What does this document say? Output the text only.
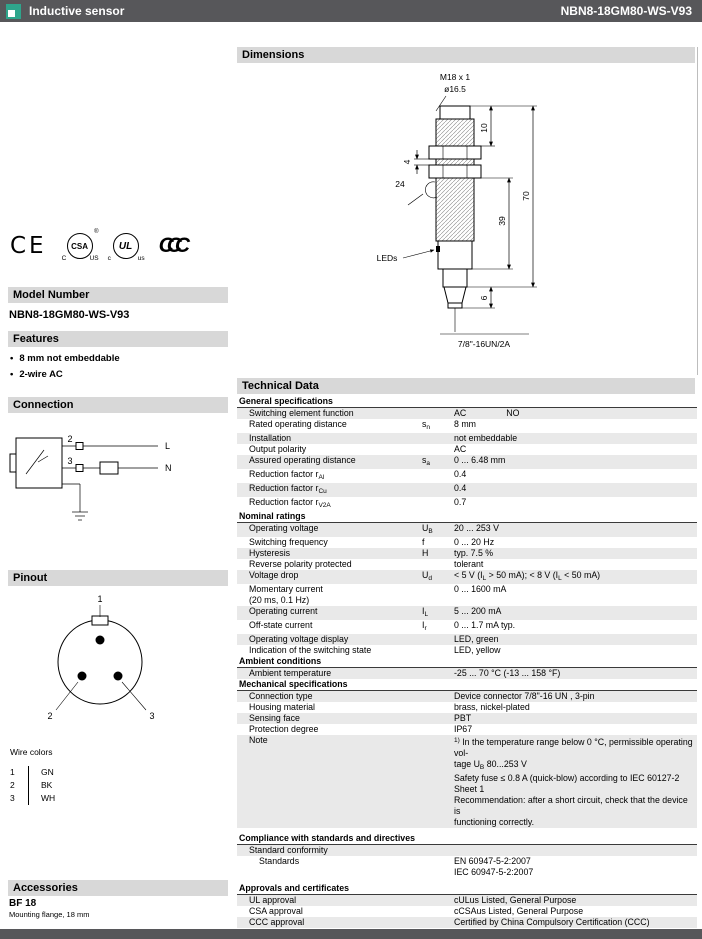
Inductive sensor	NBN8-18GM80-WS-V93
CE	CSA
®
C	US
UL
c	us
CCC
Model Number
NBN8-18GM80-WS-V93
Features
• 8 mm not embeddable
• 2-wire AC
Connection
2
L
3
N
Pinout
1
2	3
Wire colors
1	GN
2	BK
3	WH
Accessories
BF 18
Mounting flange, 18 mm
Dimensions
M18 x 1
ø16.5
LEDs
24
4
10
39
70
6
7/8"-16UN/2A
Technical Data
General specifications
Switching element function	AC	NO
Rated operating distance	$s_n$	8 mm
Installation	not embeddable
Output polarity	AC
Assured operating distance	$s_a$	0 ... 6.48 mm
Reduction factor $r_{Al}$	0.4
Reduction factor $r_{Cu}$	0.4
Reduction factor $r_{V2A}$	0.7
Nominal ratings
Operating voltage	$U_B$	20 ... 253 V
Switching frequency	f	0 ... 20 Hz
Hysteresis	H	typ. 7.5 %
Reverse polarity protected	tolerant
Voltage drop	$U_d$	< 5 V ($I_L > 50$ mA); < 8 V ($I_L < 50$ mA)
Momentary current
(20 ms, 0.1 Hz)
0 ... 1600 mA
Operating current	$I_L$	5 ... 200 mA
Off-state current	$I_r$	0 ... 1.7 mA typ.
Operating voltage display	LED, green
Indication of the switching state	LED, yellow
Ambient conditions
Ambient temperature	-25 ... 70 °C (-13 ... 158 °F)
Mechanical specifications
Connection type	Device connector 7/8"-16 UN , 3-pin
Housing material	brass, nickel-plated
Sensing face	PBT
Protection degree	IP67
Note	$^{1)}$ In the temperature range below 0 °C, permissible operating vol-
tage $U_B$ 80...253 V
Safety fuse ≤ 0.8 A (quick-blow) according to IEC 60127-2 Sheet 1
Recommendation: after a short circuit, check that the device is
functioning correctly.
Compliance with standards and directives
Standard conformity
Standards	EN 60947-5-2:2007
IEC 60947-5-2:2007
Approvals and certificates
UL approval	cULus Listed, General Purpose
CSA approval	cCSAus Listed, General Purpose
CCC approval	Certified by China Compulsory Certification (CCC)
